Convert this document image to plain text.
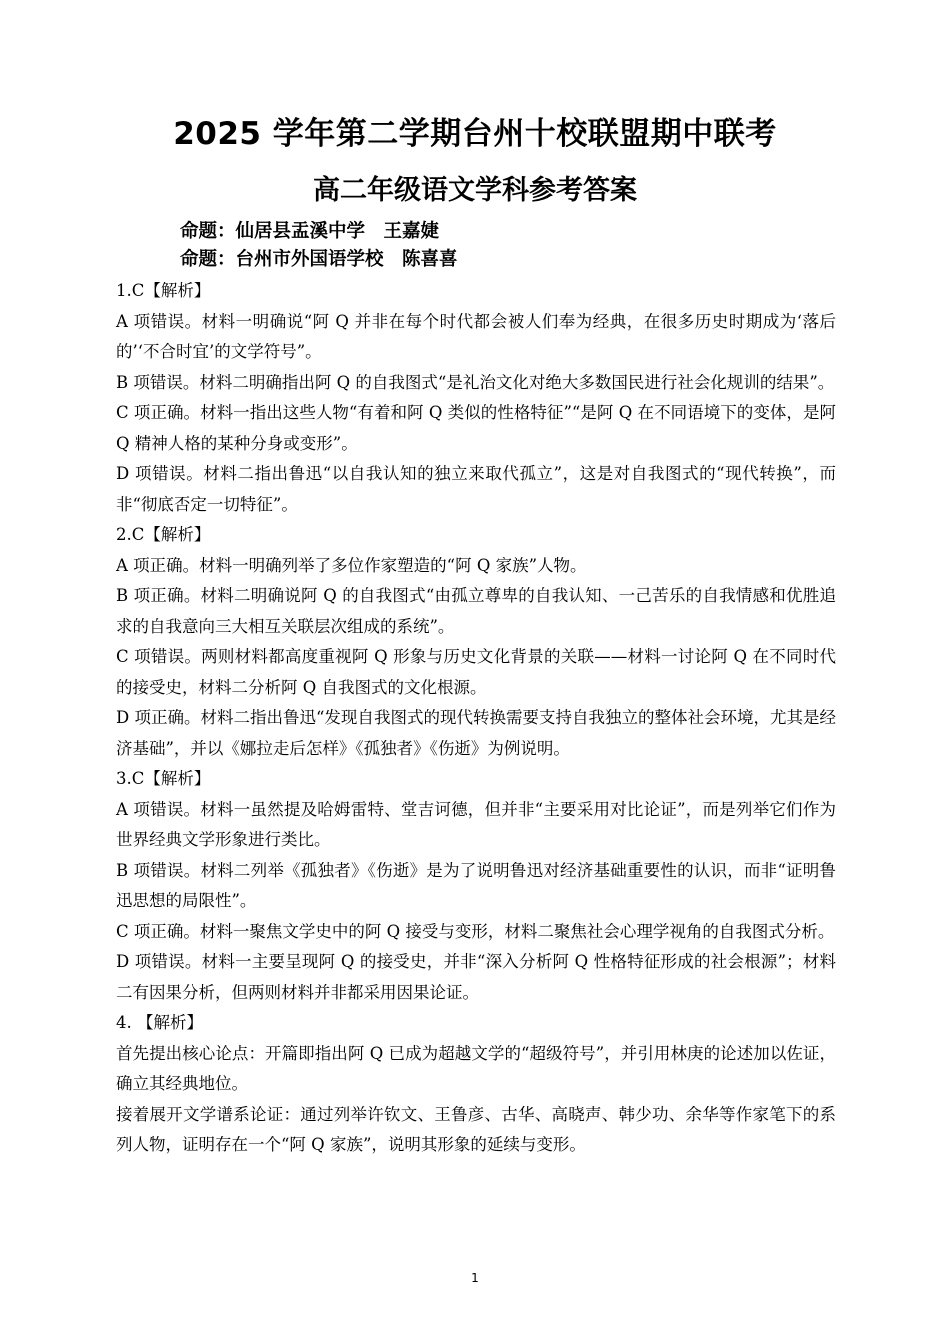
2025 学年第二学期台州十校联盟期中联考
高二年级语文学科参考答案
命题：仙居县盂溪中学　王嘉婕
命题：台州市外国语学校　陈喜喜

1.C【解析】

A 项错误。材料一明确说“阿 Q 并非在每个时代都会被人们奉为经典，在很多历史时期成为‘落后的’‘不合时宜’的文学符号”。

B 项错误。材料二明确指出阿 Q 的自我图式“是礼治文化对绝大多数国民进行社会化规训的结果”。

C 项正确。材料一指出这些人物“有着和阿 Q 类似的性格特征”“是阿 Q 在不同语境下的变体，是阿 Q 精神人格的某种分身或变形”。

D 项错误。材料二指出鲁迅“以自我认知的独立来取代孤立”，这是对自我图式的“现代转换”，而非“彻底否定一切特征”。

2.C【解析】

A 项正确。材料一明确列举了多位作家塑造的“阿 Q 家族”人物。

B 项正确。材料二明确说阿 Q 的自我图式“由孤立尊卑的自我认知、一己苦乐的自我情感和优胜追求的自我意向三大相互关联层次组成的系统”。

C 项错误。两则材料都高度重视阿 Q 形象与历史文化背景的关联——材料一讨论阿 Q 在不同时代的接受史，材料二分析阿 Q 自我图式的文化根源。

D 项正确。材料二指出鲁迅“发现自我图式的现代转换需要支持自我独立的整体社会环境，尤其是经济基础”，并以《娜拉走后怎样》《孤独者》《伤逝》为例说明。

3.C【解析】

A 项错误。材料一虽然提及哈姆雷特、堂吉诃德，但并非“主要采用对比论证”，而是列举它们作为世界经典文学形象进行类比。

B 项错误。材料二列举《孤独者》《伤逝》是为了说明鲁迅对经济基础重要性的认识，而非“证明鲁迅思想的局限性”。

C 项正确。材料一聚焦文学史中的阿 Q 接受与变形，材料二聚焦社会心理学视角的自我图式分析。

D 项错误。材料一主要呈现阿 Q 的接受史，并非“深入分析阿 Q 性格特征形成的社会根源”；材料二有因果分析，但两则材料并非都采用因果论证。

4. 【解析】

首先提出核心论点：开篇即指出阿 Q 已成为超越文学的“超级符号”，并引用林庚的论述加以佐证，确立其经典地位。

接着展开文学谱系论证：通过列举许钦文、王鲁彦、古华、高晓声、韩少功、余华等作家笔下的系列人物，证明存在一个“阿 Q 家族”，说明其形象的延续与变形。

1
